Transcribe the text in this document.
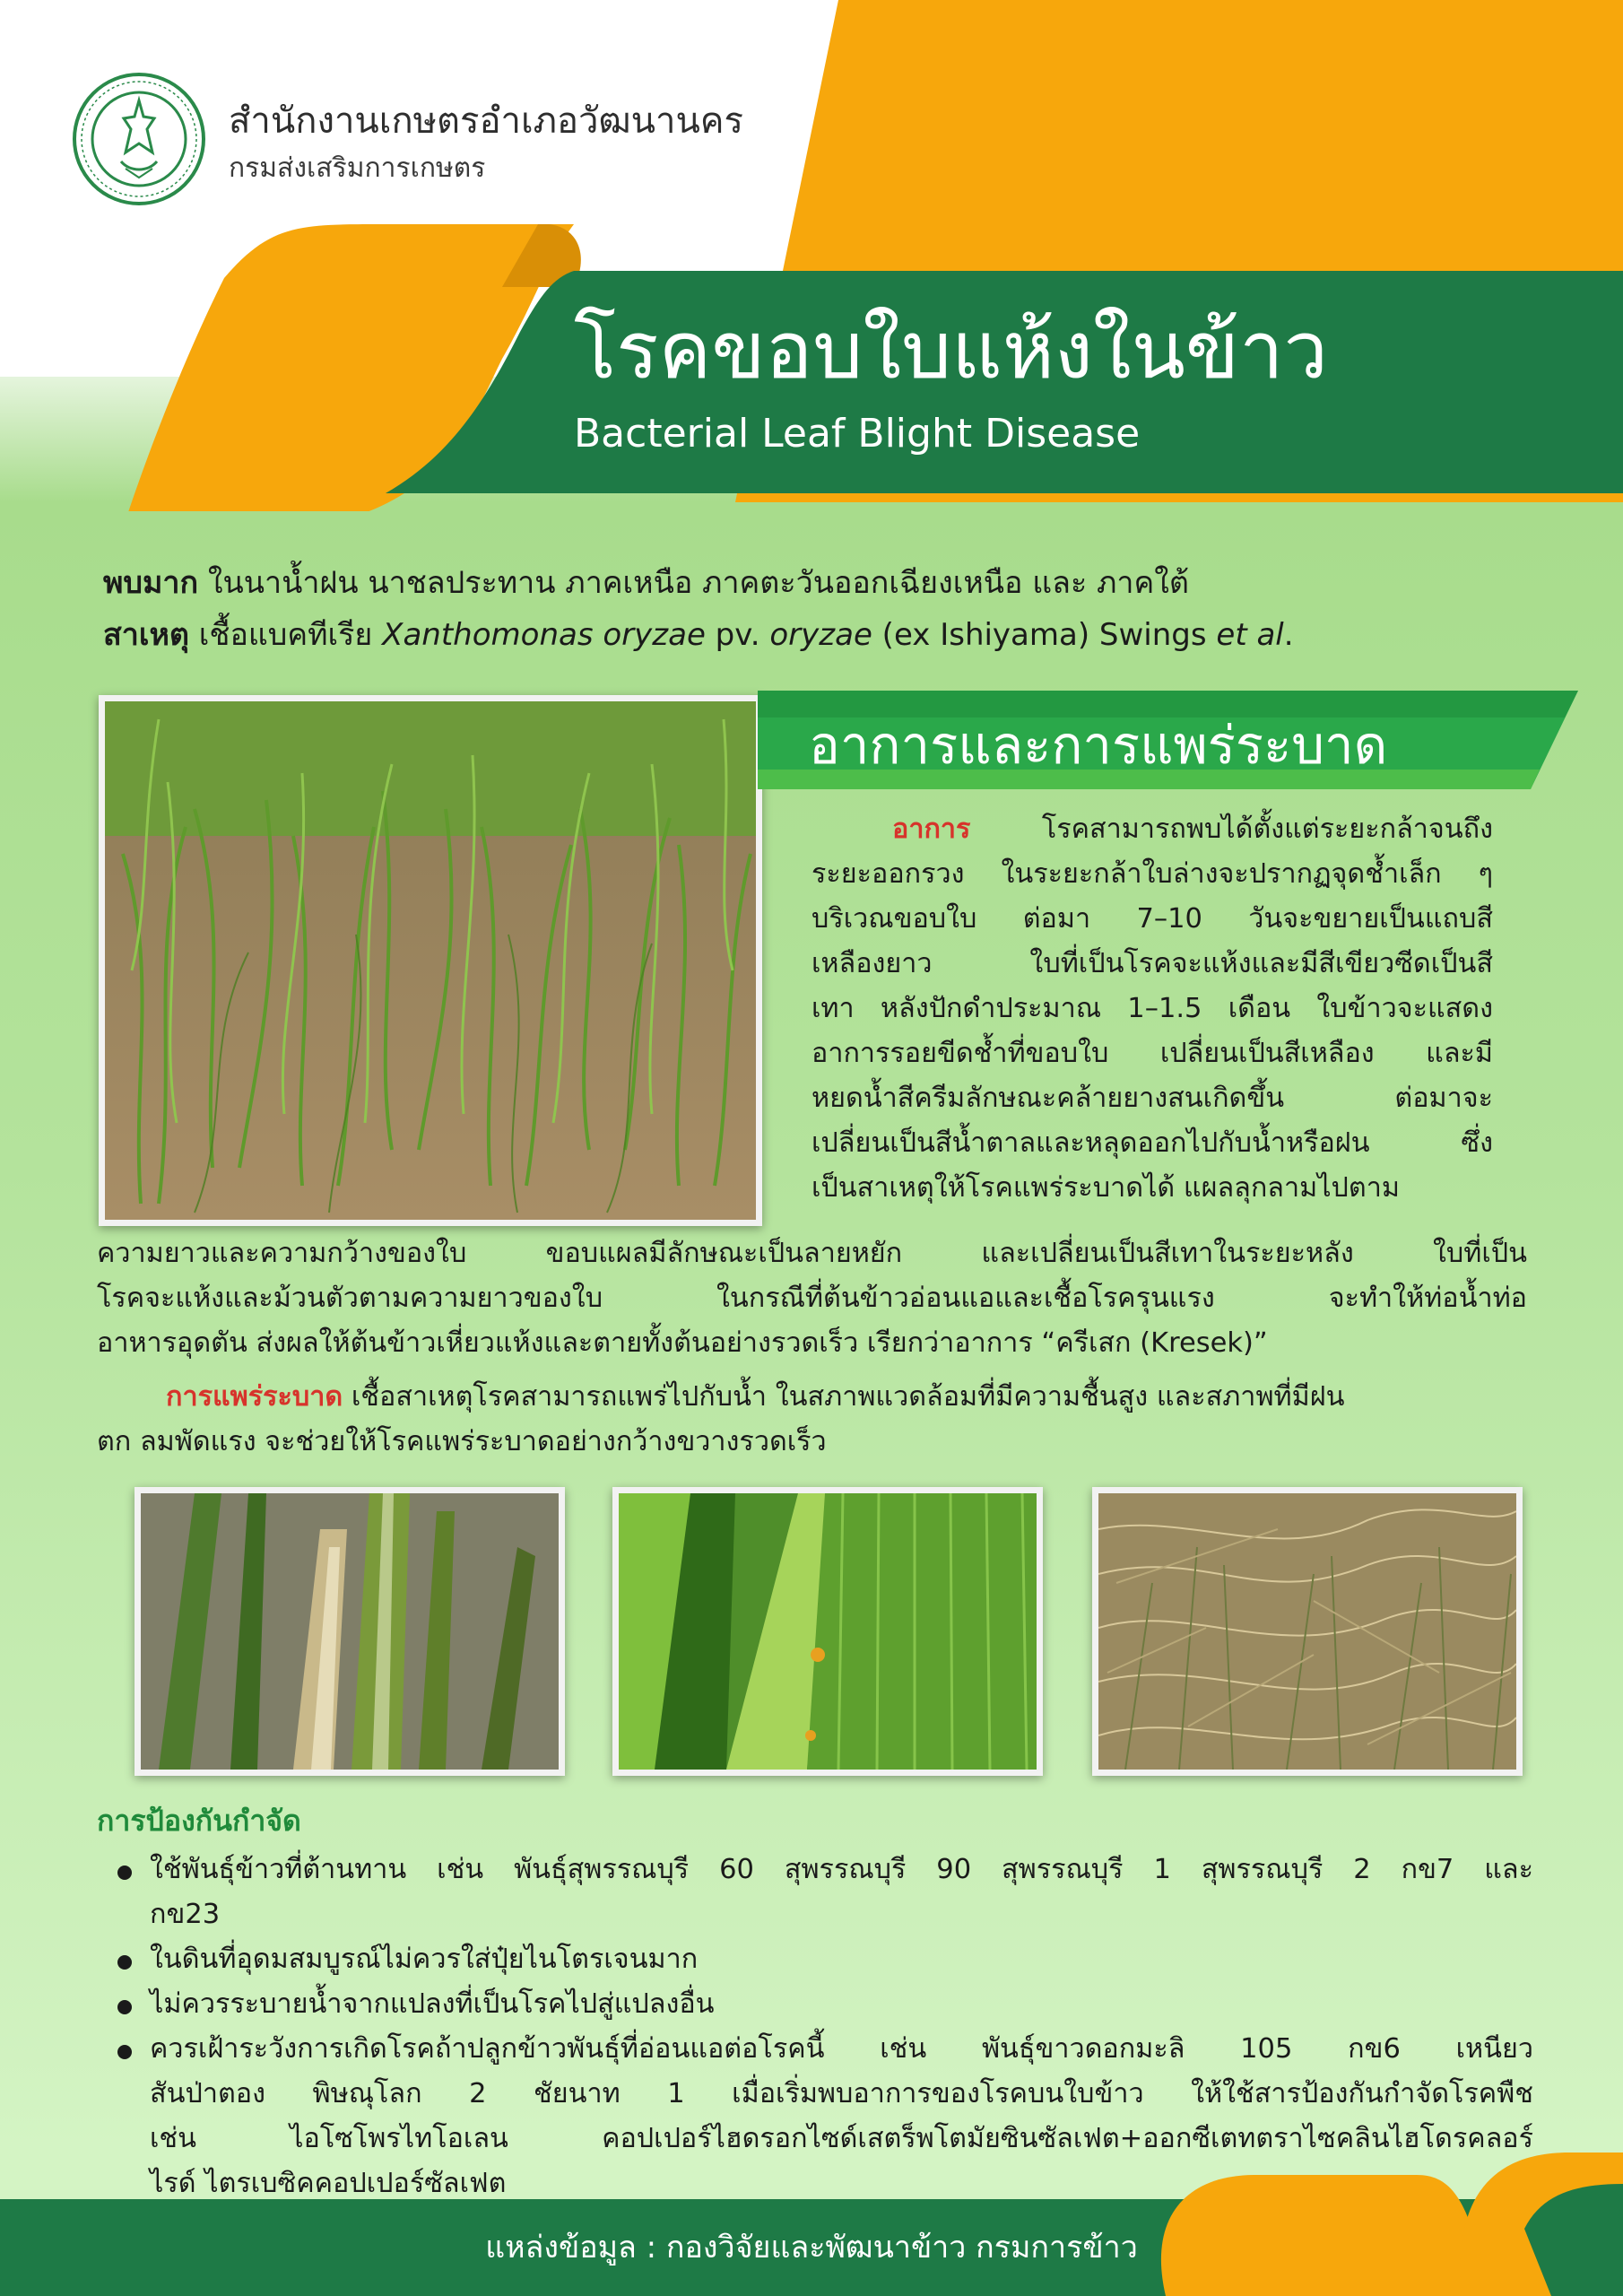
สำนักงานเกษตรอำเภอวัฒนานคร
กรมส่งเสริมการเกษตร
โรคขอบใบแห้งในข้าว
Bacterial Leaf Blight Disease
พบมาก ในนาน้ำฝน นาชลประทาน ภาคเหนือ ภาคตะวันออกเฉียงเหนือ และ ภาคใต้
สาเหตุ เชื้อแบคทีเรีย Xanthomonas oryzae pv. oryzae (ex Ishiyama) Swings et al.
อาการและการแพร่ระบาด
อาการ	โรคสามารถพบได้ตั้งแต่ระยะกล้าจนถึง
ระยะออกรวง ในระยะกล้าใบล่างจะปรากฏจุดช้ำเล็ก ๆ
บริเวณขอบใบ ต่อมา 7–10 วันจะขยายเป็นแถบสี
เหลืองยาว ใบที่เป็นโรคจะแห้งและมีสีเขียวซีดเป็นสี
เทา หลังปักดำประมาณ 1–1.5 เดือน ใบข้าวจะแสดง
อาการรอยขีดช้ำที่ขอบใบ เปลี่ยนเป็นสีเหลือง และมี
หยดน้ำสีครีมลักษณะคล้ายยางสนเกิดขึ้น ต่อมาจะ
เปลี่ยนเป็นสีน้ำตาลและหลุดออกไปกับน้ำหรือฝน ซึ่ง
เป็นสาเหตุให้โรคแพร่ระบาดได้ แผลลุกลามไปตาม
ความยาวและความกว้างของใบ ขอบแผลมีลักษณะเป็นลายหยัก และเปลี่ยนเป็นสีเทาในระยะหลัง ใบที่เป็น
โรคจะแห้งและม้วนตัวตามความยาวของใบ ในกรณีที่ต้นข้าวอ่อนแอและเชื้อโรครุนแรง จะทำให้ท่อน้ำท่อ
อาหารอุดตัน ส่งผลให้ต้นข้าวเหี่ยวแห้งและตายทั้งต้นอย่างรวดเร็ว เรียกว่าอาการ “ครีเสก (Kresek)”
การแพร่ระบาด เชื้อสาเหตุโรคสามารถแพร่ไปกับน้ำ ในสภาพแวดล้อมที่มีความชื้นสูง และสภาพที่มีฝน
ตก ลมพัดแรง จะช่วยให้โรคแพร่ระบาดอย่างกว้างขวางรวดเร็ว
การป้องกันกำจัด
ใช้พันธุ์ข้าวที่ต้านทาน เช่น พันธุ์สุพรรณบุรี 60 สุพรรณบุรี 90 สุพรรณบุรี 1 สุพรรณบุรี 2 กข7 และ
กข23
ในดินที่อุดมสมบูรณ์ไม่ควรใส่ปุ๋ยไนโตรเจนมาก
ไม่ควรระบายน้ำจากแปลงที่เป็นโรคไปสู่แปลงอื่น
ควรเฝ้าระวังการเกิดโรคถ้าปลูกข้าวพันธุ์ที่อ่อนแอต่อโรคนี้ เช่น พันธุ์ขาวดอกมะลิ 105 กข6 เหนียว
สันป่าตอง พิษณุโลก 2 ชัยนาท 1 เมื่อเริ่มพบอาการของโรคบนใบข้าว ให้ใช้สารป้องกันกำจัดโรคพืช
เช่น ไอโซโพรไทโอเลน คอปเปอร์ไฮดรอกไซด์เสตร็พโตมัยซินซัลเฟต+ออกซีเตทตราไซคลินไฮโดรคลอร์
ไรด์ ไตรเบซิคคอปเปอร์ซัลเฟต
แหล่งข้อมูล : กองวิจัยและพัฒนาข้าว กรมการข้าว
